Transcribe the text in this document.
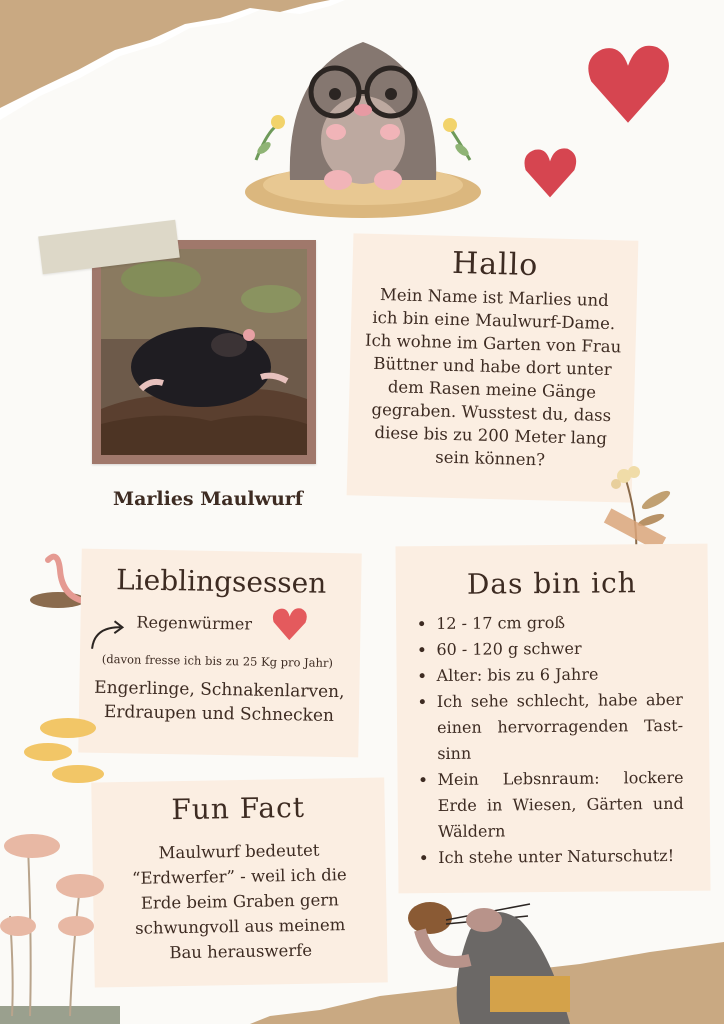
Marlies Maulwurf
Hallo

Mein Name ist Marlies und ich bin eine Maulwurf-Dame. Ich wohne im Garten von Frau Büttner und habe dort unter dem Rasen meine Gänge gegraben. Wusstest du, dass diese bis zu 200 Meter lang sein können?

Lieblingsessen
Regenwürmer
(davon fresse ich bis zu 25 Kg pro Jahr)
Engerlinge, Schnakenlarven, Erdraupen und Schnecken
Fun Fact

Maulwurf bedeutet “Erdwerfer” - weil ich die Erde beim Graben gern schwungvoll aus meinem Bau herauswerfe

Das bin ich
• 12 - 17 cm groß
• 60 - 120 g schwer
• Alter: bis zu 6 Jahre
• Ich sehe schlecht, habe aber einen hervorragenden Tast-sinn
• Mein Lebsnraum: lockere Erde in Wiesen, Gärten und Wäldern
• Ich stehe unter Naturschutz!
